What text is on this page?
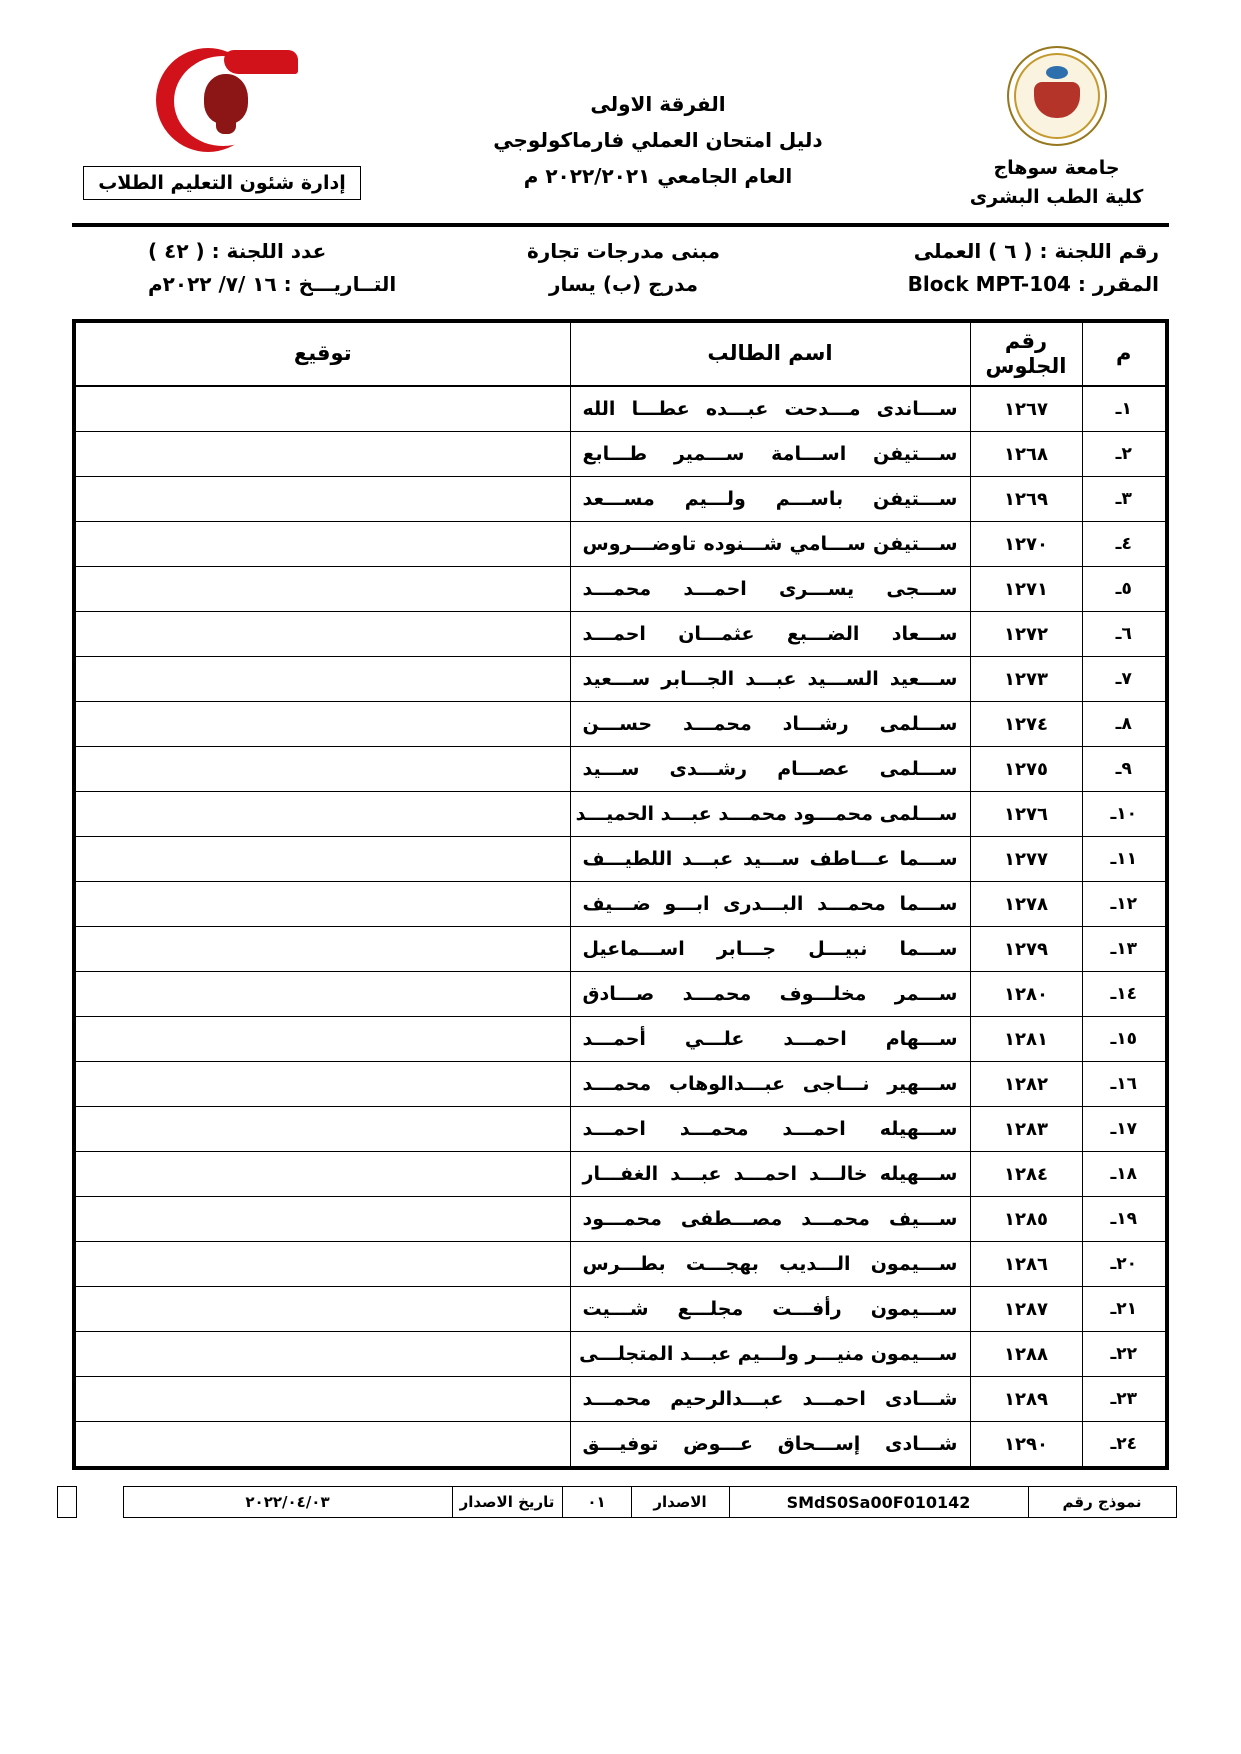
جامعة سوهاج
كلية الطب البشرى
الفرقة الاولى
دليل امتحان العملي فارماكولوجي
العام الجامعي ٢٠٢٢/٢٠٢١ م
إدارة شئون التعليم الطلاب
رقم اللجنة : ( ٦ ) العملى
مبنى مدرجات تجارة
عدد اللجنة : ( ٤٢ )
المقرر : Block MPT-104
مدرج (ب) يسار
التــاريـــخ : ١٦ /٧/ ٢٠٢٢م
م	رقم الجلوس	اسم الطالب	توقيع
١ـ	١٢٦٧	ســـاندى مـــدحت عبـــده عطـــا الله	
٢ـ	١٢٦٨	ســـتيفن اســـامة ســـمير طـــابع	
٣ـ	١٢٦٩	ســـتيفن باســـم ولـــيم مســـعد	
٤ـ	١٢٧٠	ســـتيفن ســـامي شـــنوده تاوضـــروس	
٥ـ	١٢٧١	ســـجى يســـرى احمـــد محمـــد	
٦ـ	١٢٧٢	ســـعاد الضـــبع عثمـــان احمـــد	
٧ـ	١٢٧٣	ســـعيد الســـيد عبـــد الجـــابر ســـعيد	
٨ـ	١٢٧٤	ســـلمى رشـــاد محمـــد حســـن	
٩ـ	١٢٧٥	ســـلمى عصـــام رشـــدى ســـيد	
١٠ـ	١٢٧٦	ســـلمى محمـــود محمـــد عبـــد الحميـــد	
١١ـ	١٢٧٧	ســـما عـــاطف ســـيد عبـــد اللطيـــف	
١٢ـ	١٢٧٨	ســـما محمـــد البـــدرى ابـــو ضـــيف	
١٣ـ	١٢٧٩	ســـما نبيـــل جـــابر اســـماعيل	
١٤ـ	١٢٨٠	ســـمر مخلـــوف محمـــد صـــادق	
١٥ـ	١٢٨١	ســـهام احمـــد علـــي أحمـــد	
١٦ـ	١٢٨٢	ســـهير نـــاجى عبـــدالوهاب محمـــد	
١٧ـ	١٢٨٣	ســـهيله احمـــد محمـــد احمـــد	
١٨ـ	١٢٨٤	ســـهيله خالـــد احمـــد عبـــد الغفـــار	
١٩ـ	١٢٨٥	ســـيف محمـــد مصـــطفى محمـــود	
٢٠ـ	١٢٨٦	ســـيمون الـــديب بهجـــت بطـــرس	
٢١ـ	١٢٨٧	ســـيمون رأفـــت مجلـــع شـــيت	
٢٢ـ	١٢٨٨	ســـيمون منيـــر ولـــيم عبـــد المتجلـــى	
٢٣ـ	١٢٨٩	شـــادى احمـــد عبـــدالرحيم محمـــد	
٢٤ـ	١٢٩٠	شـــادى إســـحاق عـــوض توفيـــق	
نموذج رقم
SMdS0Sa00F010142
الاصدار
٠١
تاريخ الاصدار
٢٠٢٢/٠٤/٠٣
